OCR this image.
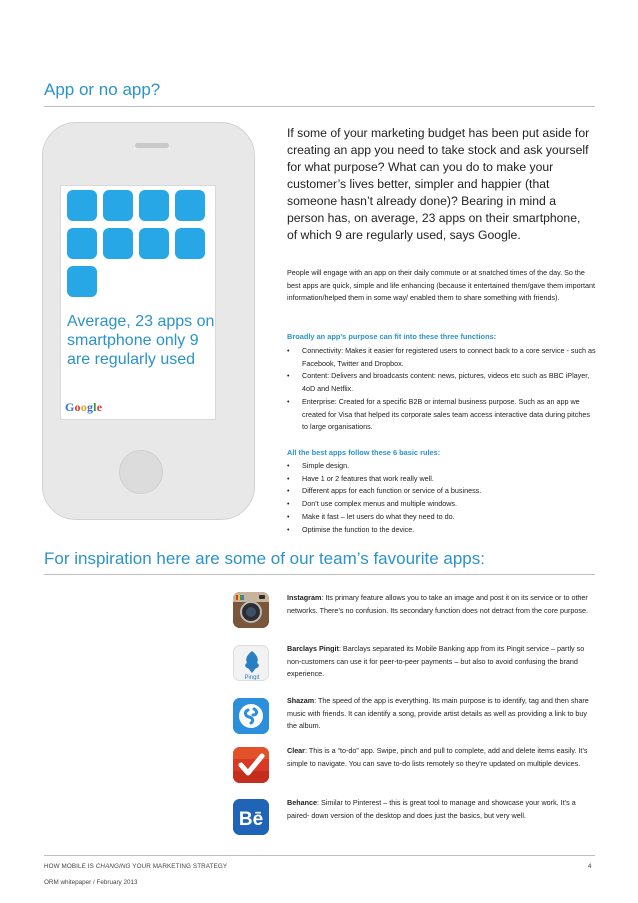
App or no app?
Average, 23 apps on smartphone only 9 are regularly used
Google
If some of your marketing budget has been put aside for creating an app you need to take stock and ask yourself for what purpose? What can you do to make your customer’s lives better, simpler and happier (that someone hasn’t already done)? Bearing in mind a person has, on average, 23 apps on their smartphone, of which 9 are regularly used, says Google.
People will engage with an app on their daily commute or at snatched times of the day. So the best apps are quick, simple and life enhancing (because it entertained them/gave them important information/helped them in some way/ enabled them to share something with friends).
Broadly an app’s purpose can fit into these three functions:
• Connectivity: Makes it easier for registered users to connect back to a core service - such as Facebook, Twitter and Dropbox.
• Content: Delivers and broadcasts content: news, pictures, videos etc such as BBC iPlayer, 4oD and Netflix.
• Enterprise: Created for a specific B2B or internal business purpose. Such as an app we created for Visa that helped its corporate sales team access interactive data during pitches to large organisations.
All the best apps follow these 6 basic rules:
• Simple design.
• Have 1 or 2 features that work really well.
• Different apps for each function or service of a business.
• Don’t use complex menus and multiple windows.
• Make it fast – let users do what they need to do.
• Optimise the function to the device.
For inspiration here are some of our team’s favourite apps:
Instagram: Its primary feature allows you to take an image and post it on its service or to other networks. There’s no confusion. Its secondary function does not detract from the core purpose.
Pingit
Barclays Pingit: Barclays separated its Mobile Banking app from its Pingit service – partly so non-customers can use it for peer-to-peer payments – but also to avoid confusing the brand experience.
Shazam: The speed of the app is everything. Its main purpose is to identify, tag and then share music with friends. It can identify a song, provide artist details as well as providing a link to buy the album.
Clear: This is a “to-do” app. Swipe, pinch and pull to complete, add and delete items easily. It’s simple to navigate. You can save to-do lists remotely so they’re updated on multiple devices.
Bē
Behance: Similar to Pinterest – this is great tool to manage and showcase your work. It’s a paired- down version of the desktop and does just the basics, but very well.
HOW MOBILE IS CHANGING YOUR MARKETING STRATEGY
ORM whitepaper / February 2013
4
